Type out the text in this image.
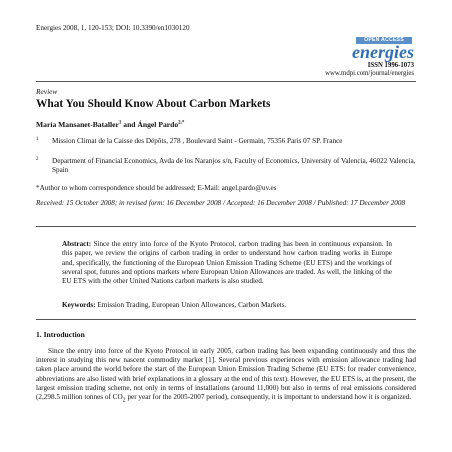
Energies 2008, 1, 120-153; DOI: 10.3390/en1030120
OPEN ACCESS
energies
ISSN 1996-1073
www.mdpi.com/journal/energies
Review
What You Should Know About Carbon Markets
María Mansanet-Bataller$^1$ and Ángel Pardo$^{2,*}$
1 Mission Climat de la Caisse des Dépôts, 278 , Boulevard Saint - Germain, 75356 Paris 07 SP. France
2 Department of Financial Economics, Avda de los Naranjos s/n, Faculty of Economics, University of Valencia, 46022 Valencia, Spain
*Author to whom correspondence should be addressed; E-Mail: angel.pardo@uv.es
Received: 15 October 2008; in revised form: 16 December 2008 / Accepted: 16 December 2008 / Published: 17 December 2008
Abstract: Since the entry into force of the Kyoto Protocol, carbon trading has been in continuous expansion. In this paper, we review the origins of carbon trading in order to understand how carbon trading works in Europe and, specifically, the functioning of the European Union Emission Trading Scheme (EU ETS) and the workings of several spot, futures and options markets where European Union Allowances are traded. As well, the linking of the EU ETS with the other United Nations carbon markets is also studied.
Keywords: Emission Trading, European Union Allowances, Carbon Markets.
1. Introduction
Since the entry into force of the Kyoto Protocol in early 2005, carbon trading has been expanding continuously and thus the interest in studying this new nascent commodity market [1]. Several previous experiences with emission allowance trading had taken place around the world before the start of the European Union Emission Trading Scheme (EU ETS: for reader convenience, abbreviations are also listed with brief explanations in a glossary at the end of this text). However, the EU ETS is, at the present, the largest emission trading scheme, not only in terms of installations (around 11,000) but also in terms of real emissions considered (2,298.5 million tonnes of $CO_2$ per year for the 2005-2007 period), consequently, it is important to understand how it is organized.
